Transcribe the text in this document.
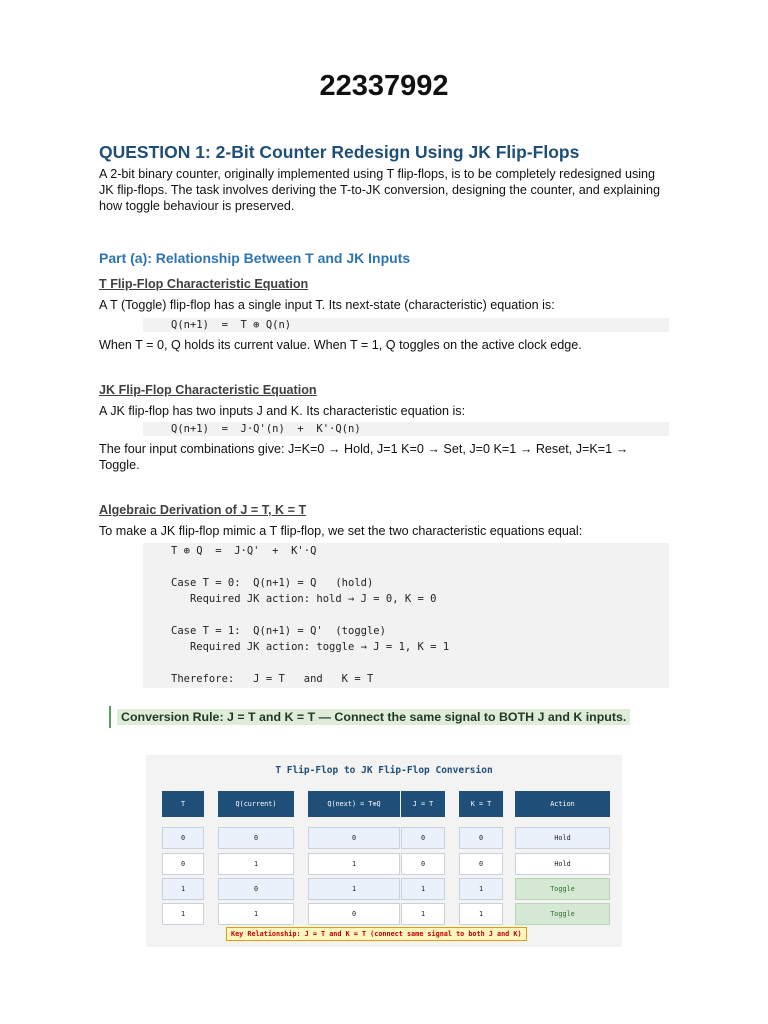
22337992
QUESTION 1: 2-Bit Counter Redesign Using JK Flip-Flops
A 2-bit binary counter, originally implemented using T flip-flops, is to be completely redesigned using JK flip-flops. The task involves deriving the T-to-JK conversion, designing the counter, and explaining how toggle behaviour is preserved.
Part (a): Relationship Between T and JK Inputs
T Flip-Flop Characteristic Equation
A T (Toggle) flip-flop has a single input T. Its next-state (characteristic) equation is:
Q(n+1)  =  T ⊕ Q(n)
When T = 0, Q holds its current value. When T = 1, Q toggles on the active clock edge.
JK Flip-Flop Characteristic Equation
A JK flip-flop has two inputs J and K. Its characteristic equation is:
Q(n+1)  =  J·Q'(n)  +  K'·Q(n)
The four input combinations give: J=K=0 → Hold, J=1 K=0 → Set, J=0 K=1 → Reset, J=K=1 → Toggle.
Algebraic Derivation of J = T, K = T
To make a JK flip-flop mimic a T flip-flop, we set the two characteristic equations equal:
T ⊕ Q  =  J·Q'  +  K'·Q
Case T = 0:  Q(n+1) = Q   (hold)
Required JK action: hold → J = 0, K = 0
Case T = 1:  Q(n+1) = Q'  (toggle)
Required JK action: toggle → J = 1, K = 1
Therefore:   J = T   and   K = T
Conversion Rule: J = T and K = T — Connect the same signal to BOTH J and K inputs.
T Flip-Flop to JK Flip-Flop Conversion
T	Q(current)	Q(next) = T⊕Q	J = T	K = T	Action
0	0	0	0	0	Hold
0	1	1	0	0	Hold
1	0	1	1	1	Toggle
1	1	0	1	1	Toggle
Key Relationship: J = T and K = T (connect same signal to both J and K)
